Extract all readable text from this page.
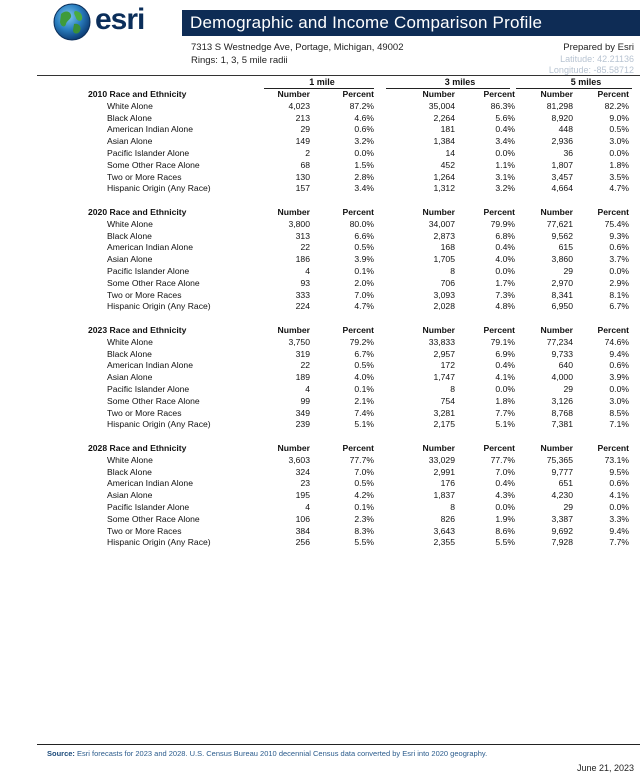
esri	Demographic and Income Comparison Profile
7313 S Westnedge Ave, Portage, Michigan, 49002
Rings: 1, 3, 5 mile radii
Prepared by Esri
Latitude: 42.21136
Longitude: -85.58712
1 mile	3 miles	5 miles
2010 Race and Ethnicity	Number	Percent	Number	Percent	Number	Percent
White Alone	4,023	87.2%	35,004	86.3%	81,298	82.2%
Black Alone	213	4.6%	2,264	5.6%	8,920	9.0%
American Indian Alone	29	0.6%	181	0.4%	448	0.5%
Asian Alone	149	3.2%	1,384	3.4%	2,936	3.0%
Pacific Islander Alone	2	0.0%	14	0.0%	36	0.0%
Some Other Race Alone	68	1.5%	452	1.1%	1,807	1.8%
Two or More Races	130	2.8%	1,264	3.1%	3,457	3.5%
Hispanic Origin (Any Race)	157	3.4%	1,312	3.2%	4,664	4.7%
2020 Race and Ethnicity	Number	Percent	Number	Percent	Number	Percent
White Alone	3,800	80.0%	34,007	79.9%	77,621	75.4%
Black Alone	313	6.6%	2,873	6.8%	9,562	9.3%
American Indian Alone	22	0.5%	168	0.4%	615	0.6%
Asian Alone	186	3.9%	1,705	4.0%	3,860	3.7%
Pacific Islander Alone	4	0.1%	8	0.0%	29	0.0%
Some Other Race Alone	93	2.0%	706	1.7%	2,970	2.9%
Two or More Races	333	7.0%	3,093	7.3%	8,341	8.1%
Hispanic Origin (Any Race)	224	4.7%	2,028	4.8%	6,950	6.7%
2023 Race and Ethnicity	Number	Percent	Number	Percent	Number	Percent
White Alone	3,750	79.2%	33,833	79.1%	77,234	74.6%
Black Alone	319	6.7%	2,957	6.9%	9,733	9.4%
American Indian Alone	22	0.5%	172	0.4%	640	0.6%
Asian Alone	189	4.0%	1,747	4.1%	4,000	3.9%
Pacific Islander Alone	4	0.1%	8	0.0%	29	0.0%
Some Other Race Alone	99	2.1%	754	1.8%	3,126	3.0%
Two or More Races	349	7.4%	3,281	7.7%	8,768	8.5%
Hispanic Origin (Any Race)	239	5.1%	2,175	5.1%	7,381	7.1%
2028 Race and Ethnicity	Number	Percent	Number	Percent	Number	Percent
White Alone	3,603	77.7%	33,029	77.7%	75,365	73.1%
Black Alone	324	7.0%	2,991	7.0%	9,777	9.5%
American Indian Alone	23	0.5%	176	0.4%	651	0.6%
Asian Alone	195	4.2%	1,837	4.3%	4,230	4.1%
Pacific Islander Alone	4	0.1%	8	0.0%	29	0.0%
Some Other Race Alone	106	2.3%	826	1.9%	3,387	3.3%
Two or More Races	384	8.3%	3,643	8.6%	9,692	9.4%
Hispanic Origin (Any Race)	256	5.5%	2,355	5.5%	7,928	7.7%
Source: Esri forecasts for 2023 and 2028. U.S. Census Bureau 2010 decennial Census data converted by Esri into 2020 geography.
June 21, 2023
